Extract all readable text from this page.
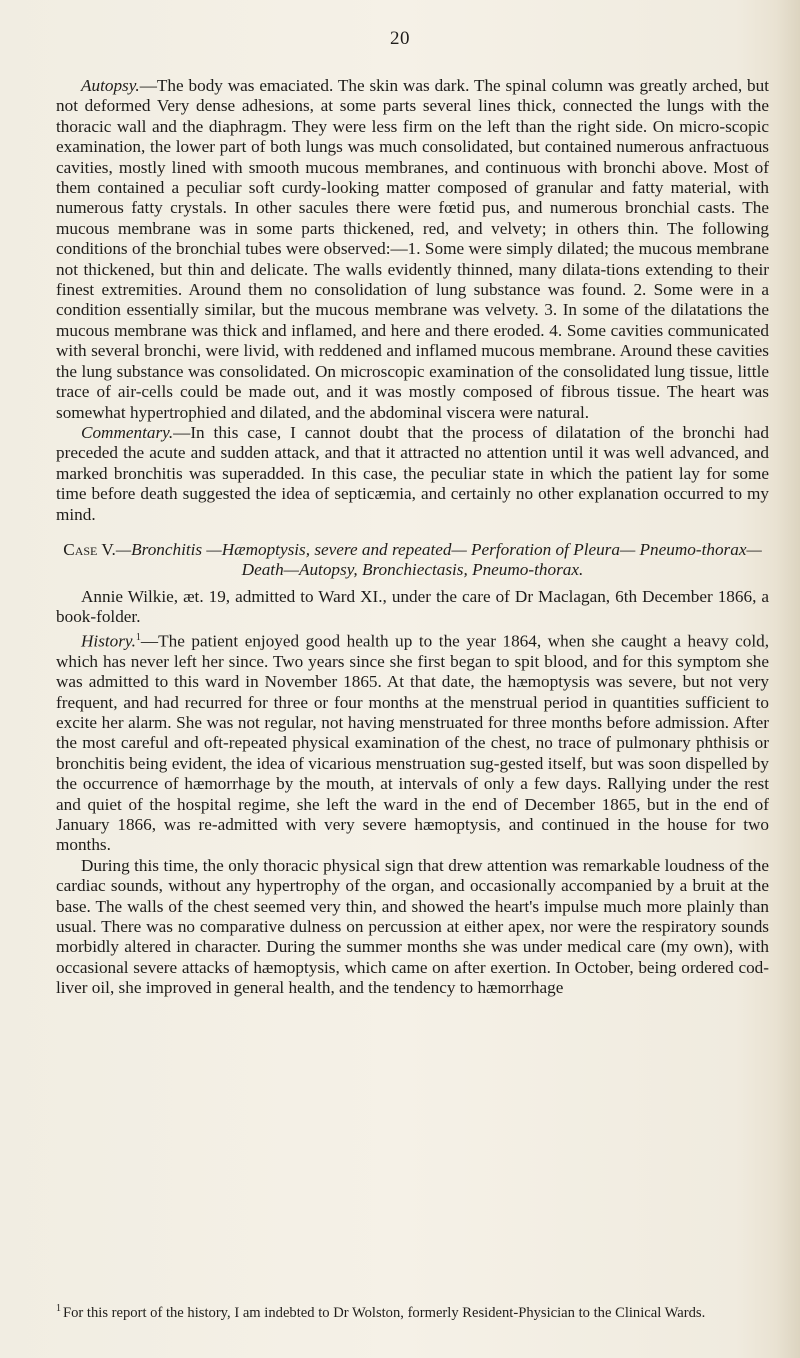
20

Autopsy.—The body was emaciated. The skin was dark. The spinal column was greatly arched, but not deformed Very dense adhesions, at some parts several lines thick, connected the lungs with the thoracic wall and the diaphragm. They were less firm on the left than the right side. On micro-scopic examination, the lower part of both lungs was much consolidated, but contained numerous anfractuous cavities, mostly lined with smooth mucous membranes, and continuous with bronchi above. Most of them contained a peculiar soft curdy-looking matter composed of granular and fatty material, with numerous fatty crystals. In other sacules there were fœtid pus, and numerous bronchial casts. The mucous membrane was in some parts thickened, red, and velvety; in others thin. The following conditions of the bronchial tubes were observed:—1. Some were simply dilated; the mucous membrane not thickened, but thin and delicate. The walls evidently thinned, many dilata-tions extending to their finest extremities. Around them no consolidation of lung substance was found. 2. Some were in a condition essentially similar, but the mucous membrane was velvety. 3. In some of the dilatations the mucous membrane was thick and inflamed, and here and there eroded. 4. Some cavities communicated with several bronchi, were livid, with reddened and inflamed mucous membrane. Around these cavities the lung substance was consolidated. On microscopic examination of the consolidated lung tissue, little trace of air-cells could be made out, and it was mostly composed of fibrous tissue. The heart was somewhat hypertrophied and dilated, and the abdominal viscera were natural.

Commentary.—In this case, I cannot doubt that the process of dilatation of the bronchi had preceded the acute and sudden attack, and that it attracted no attention until it was well advanced, and marked bronchitis was superadded. In this case, the peculiar state in which the patient lay for some time before death suggested the idea of septicæmia, and certainly no other explanation occurred to my mind.

Case V.—Bronchitis —Hæmoptysis, severe and repeated— Perforation of Pleura— Pneumo-thorax—Death—Autopsy, Bronchiectasis, Pneumo-thorax.

Annie Wilkie, æt. 19, admitted to Ward XI., under the care of Dr Maclagan, 6th December 1866, a book-folder.

History.$^1$—The patient enjoyed good health up to the year 1864, when she caught a heavy cold, which has never left her since. Two years since she first began to spit blood, and for this symptom she was admitted to this ward in November 1865. At that date, the hæmoptysis was severe, but not very frequent, and had recurred for three or four months at the menstrual period in quantities sufficient to excite her alarm. She was not regular, not having menstruated for three months before admission. After the most careful and oft-repeated physical examination of the chest, no trace of pulmonary phthisis or bronchitis being evident, the idea of vicarious menstruation sug-gested itself, but was soon dispelled by the occurrence of hæmorrhage by the mouth, at intervals of only a few days. Rallying under the rest and quiet of the hospital regime, she left the ward in the end of December 1865, but in the end of January 1866, was re-admitted with very severe hæmoptysis, and continued in the house for two months.

During this time, the only thoracic physical sign that drew attention was remarkable loudness of the cardiac sounds, without any hypertrophy of the organ, and occasionally accompanied by a bruit at the base. The walls of the chest seemed very thin, and showed the heart's impulse much more plainly than usual. There was no comparative dulness on percussion at either apex, nor were the respiratory sounds morbidly altered in character. During the summer months she was under medical care (my own), with occasional severe attacks of hæmoptysis, which came on after exertion. In October, being ordered cod-liver oil, she improved in general health, and the tendency to hæmorrhage

$^1$ For this report of the history, I am indebted to Dr Wolston, formerly Resident-Physician to the Clinical Wards.
